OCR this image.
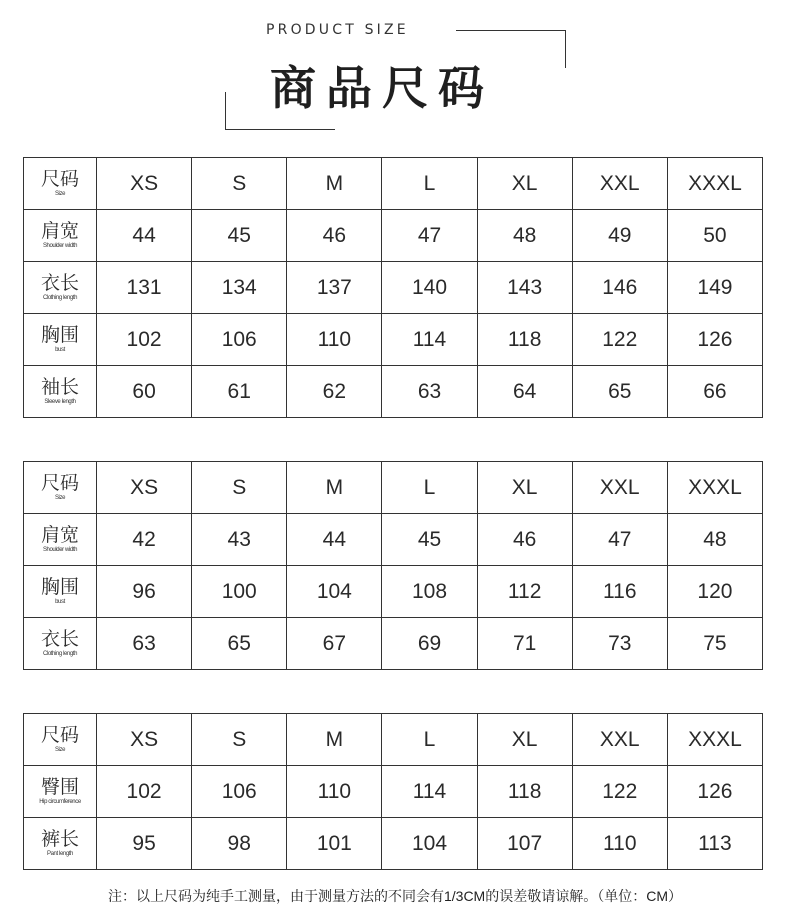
PRODUCT SIZE
商品尺码
尺码
Size	XS	S	M	L	XL	XXL	XXXL

肩宽
Shoulder width	44	45	46	47	48	49	50

衣长
Clothing length	131	134	137	140	143	146	149

胸围
bust	102	106	110	114	118	122	126

袖长
Sleeve length	60	61	62	63	64	65	66
尺码
Size	XS	S	M	L	XL	XXL	XXXL

肩宽
Shoulder width	42	43	44	45	46	47	48

胸围
bust	96	100	104	108	112	116	120

衣长
Clothing length	63	65	67	69	71	73	75
尺码
Size	XS	S	M	L	XL	XXL	XXXL

臀围
Hip circumference	102	106	110	114	118	122	126

裤长
Pant length	95	98	101	104	107	110	113
注：以上尺码为纯手工测量，由于测量方法的不同会有1/3CM的误差敬请谅解。（单位：CM）
